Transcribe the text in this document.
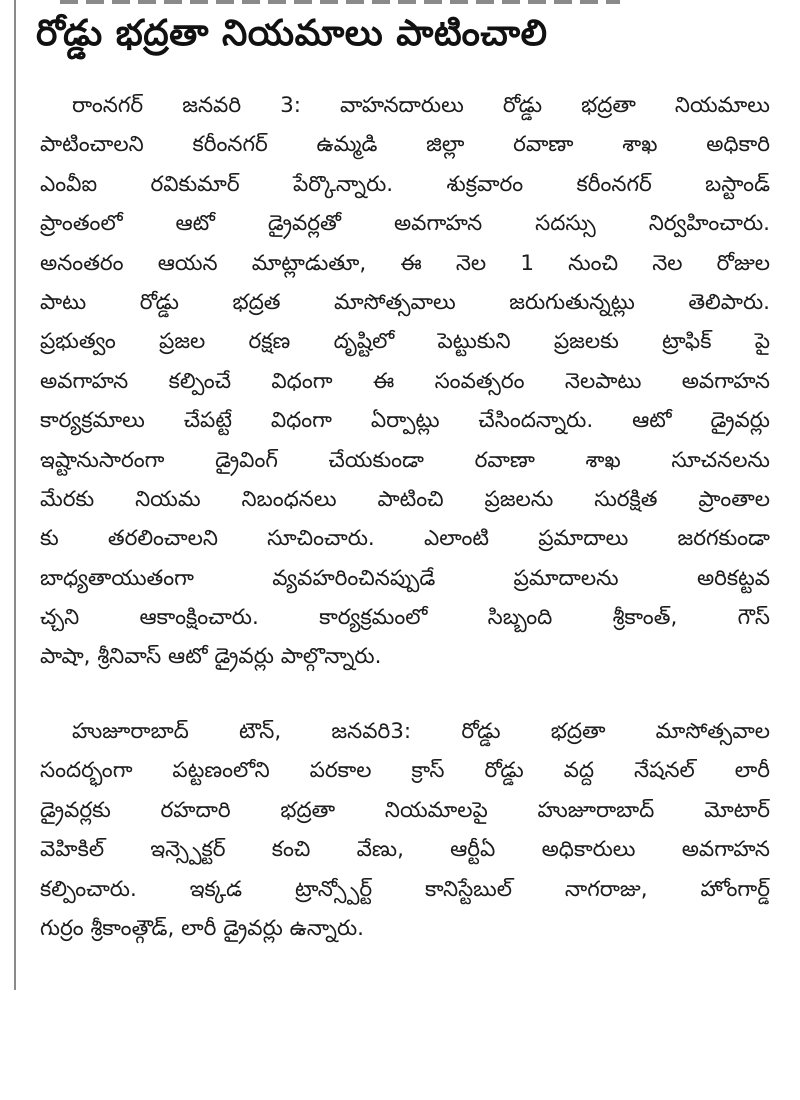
రోడ్డు భద్రతా నియమాలు పాటించాలి
రాంనగర్ జనవరి 3: వాహనదారులు రోడ్డు భద్రతా నియమాలు
పాటించాలని కరీంనగర్ ఉమ్మడి జిల్లా రవాణా శాఖ అధికారి
ఎంవీఐ రవికుమార్ పేర్కొన్నారు. శుక్రవారం కరీంనగర్ బస్టాండ్
ప్రాంతంలో ఆటో డ్రైవర్లతో అవగాహన సదస్సు నిర్వహించారు.
అనంతరం ఆయన మాట్లాడుతూ, ఈ నెల 1 నుంచి నెల రోజుల
పాటు రోడ్డు భద్రత మాసోత్సవాలు జరుగుతున్నట్లు తెలిపారు.
ప్రభుత్వం ప్రజల రక్షణ దృష్టిలో పెట్టుకుని ప్రజలకు ట్రాఫిక్ పై
అవగాహన కల్పించే విధంగా ఈ సంవత్సరం నెలపాటు అవగాహన
కార్యక్రమాలు చేపట్టే విధంగా ఏర్పాట్లు చేసిందన్నారు. ఆటో డ్రైవర్లు
ఇష్టానుసారంగా డ్రైవింగ్ చేయకుండా రవాణా శాఖ సూచనలను
మేరకు నియమ నిబంధనలు పాటించి ప్రజలను సురక్షిత ప్రాంతాల
కు తరలించాలని సూచించారు. ఎలాంటి ప్రమాదాలు జరగకుండా
బాధ్యతాయుతంగా వ్యవహరించినప్పుడే ప్రమాదాలను అరికట్టవ
చ్చని ఆకాంక్షించారు. కార్యక్రమంలో సిబ్బంది శ్రీకాంత్, గౌస్
పాషా, శ్రీనివాస్ ఆటో డ్రైవర్లు పాల్గొన్నారు.
హుజూరాబాద్ టౌన్, జనవరి3: రోడ్డు భద్రతా మాసోత్సవాల
సందర్భంగా పట్టణంలోని పరకాల క్రాస్ రోడ్డు వద్ద నేషనల్ లారీ
డ్రైవర్లకు రహదారి భద్రతా నియమాలపై హుజూరాబాద్ మోటార్
వెహికిల్ ఇన్స్పెక్టర్ కంచి వేణు, ఆర్టీఏ అధికారులు అవగాహన
కల్పించారు. ఇక్కడ ట్రాన్స్పోర్ట్ కానిస్టేబుల్ నాగరాజు, హోంగార్డ్
గుర్రం శ్రీకాంత్గౌడ్, లారీ డ్రైవర్లు ఉన్నారు.
